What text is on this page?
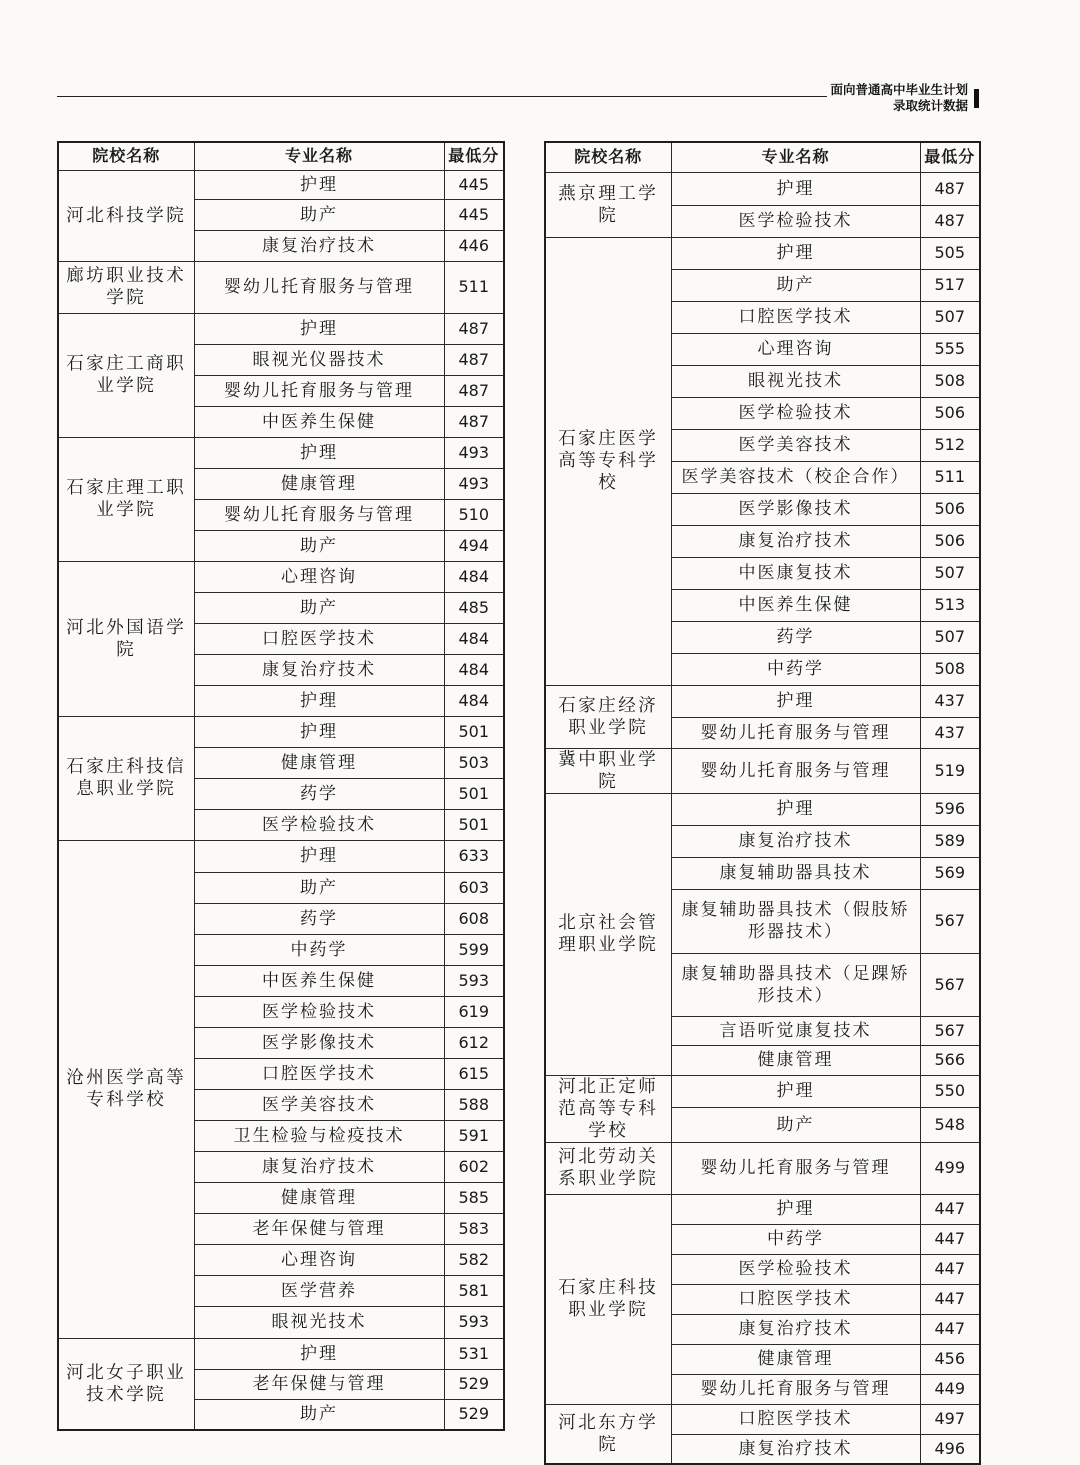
面向普通高中毕业生计划
录取统计数据
院校名称	专业名称	最低分
河北科技学院	护理	445
	助产	445
	康复治疗技术	446
廊坊职业技术学院	婴幼儿托育服务与管理	511
石家庄工商职业学院	护理	487
	眼视光仪器技术	487
	婴幼儿托育服务与管理	487
	中医养生保健	487
石家庄理工职业学院	护理	493
	健康管理	493
	婴幼儿托育服务与管理	510
	助产	494
河北外国语学院	心理咨询	484
	助产	485
	口腔医学技术	484
	康复治疗技术	484
	护理	484
石家庄科技信息职业学院	护理	501
	健康管理	503
	药学	501
	医学检验技术	501
沧州医学高等专科学校	护理	633
	助产	603
	药学	608
	中药学	599
	中医养生保健	593
	医学检验技术	619
	医学影像技术	612
	口腔医学技术	615
	医学美容技术	588
	卫生检验与检疫技术	591
	康复治疗技术	602
	健康管理	585
	老年保健与管理	583
	心理咨询	582
	医学营养	581
	眼视光技术	593
河北女子职业技术学院	护理	531
	老年保健与管理	529
	助产	529
院校名称	专业名称	最低分
燕京理工学院	护理	487
	医学检验技术	487
石家庄医学高等专科学校	护理	505
	助产	517
	口腔医学技术	507
	心理咨询	555
	眼视光技术	508
	医学检验技术	506
	医学美容技术	512
	医学美容技术（校企合作）	511
	医学影像技术	506
	康复治疗技术	506
	中医康复技术	507
	中医养生保健	513
	药学	507
	中药学	508
石家庄经济职业学院	护理	437
	婴幼儿托育服务与管理	437
冀中职业学院	婴幼儿托育服务与管理	519
北京社会管理职业学院	护理	596
	康复治疗技术	589
	康复辅助器具技术	569
	康复辅助器具技术（假肢矫形器技术）	567
	康复辅助器具技术（足踝矫形技术）	567
	言语听觉康复技术	567
	健康管理	566
河北正定师范高等专科学校	护理	550
	助产	548
河北劳动关系职业学院	婴幼儿托育服务与管理	499
石家庄科技职业学院	护理	447
	中药学	447
	医学检验技术	447
	口腔医学技术	447
	康复治疗技术	447
	健康管理	456
	婴幼儿托育服务与管理	449
河北东方学院	口腔医学技术	497
	康复治疗技术	496
